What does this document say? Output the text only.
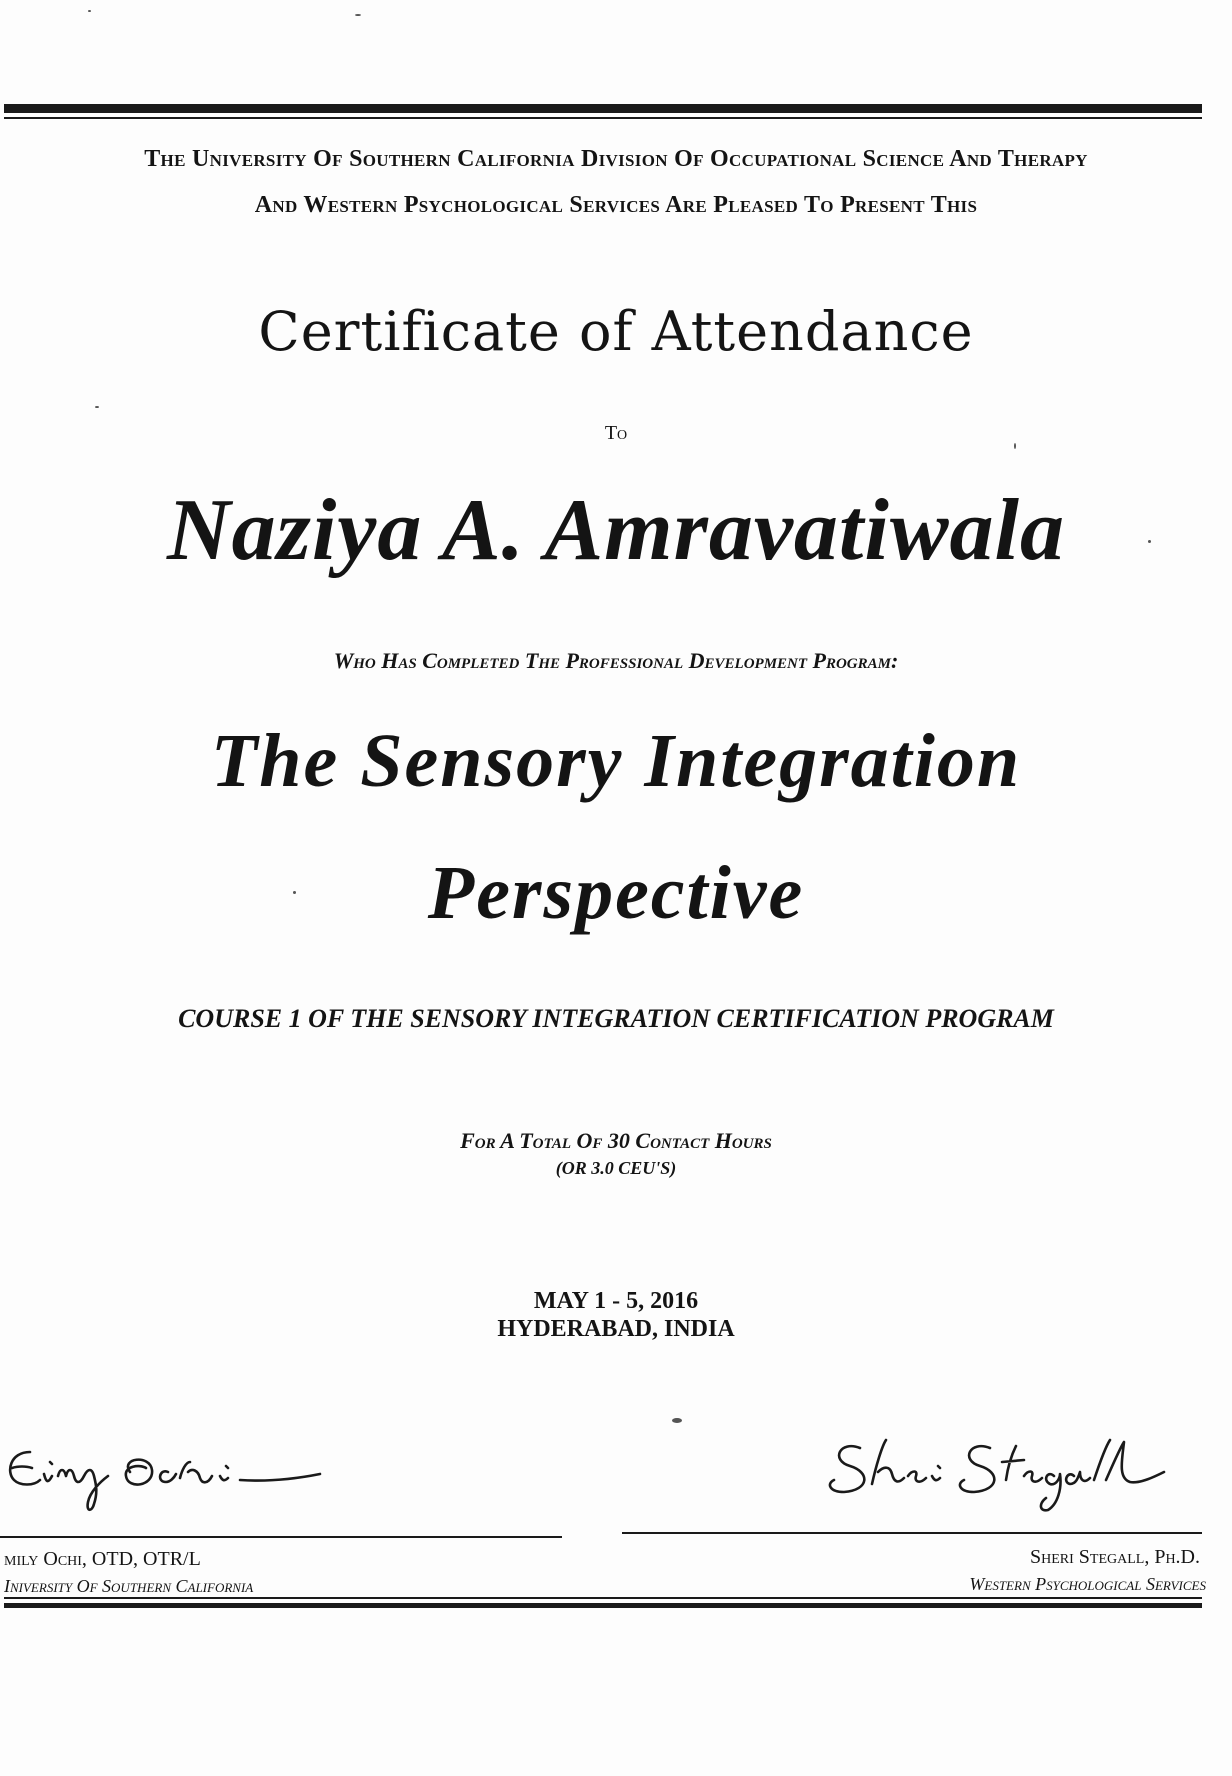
The University Of Southern California Division Of Occupational Science And Therapy
And Western Psychological Services Are Pleased To Present This
Certificate of Attendance
To
Naziya A. Amravatiwala
Who Has Completed The Professional Development Program:
The Sensory Integration
Perspective
COURSE 1 OF THE SENSORY INTEGRATION CERTIFICATION PROGRAM
For A Total Of 30 Contact Hours
(OR 3.0 CEU'S)
MAY 1 - 5, 2016
HYDERABAD, INDIA
mily Ochi, OTD, OTR/L
Iniversity Of Southern California
Sheri Stegall, Ph.D.
Western Psychological Services
